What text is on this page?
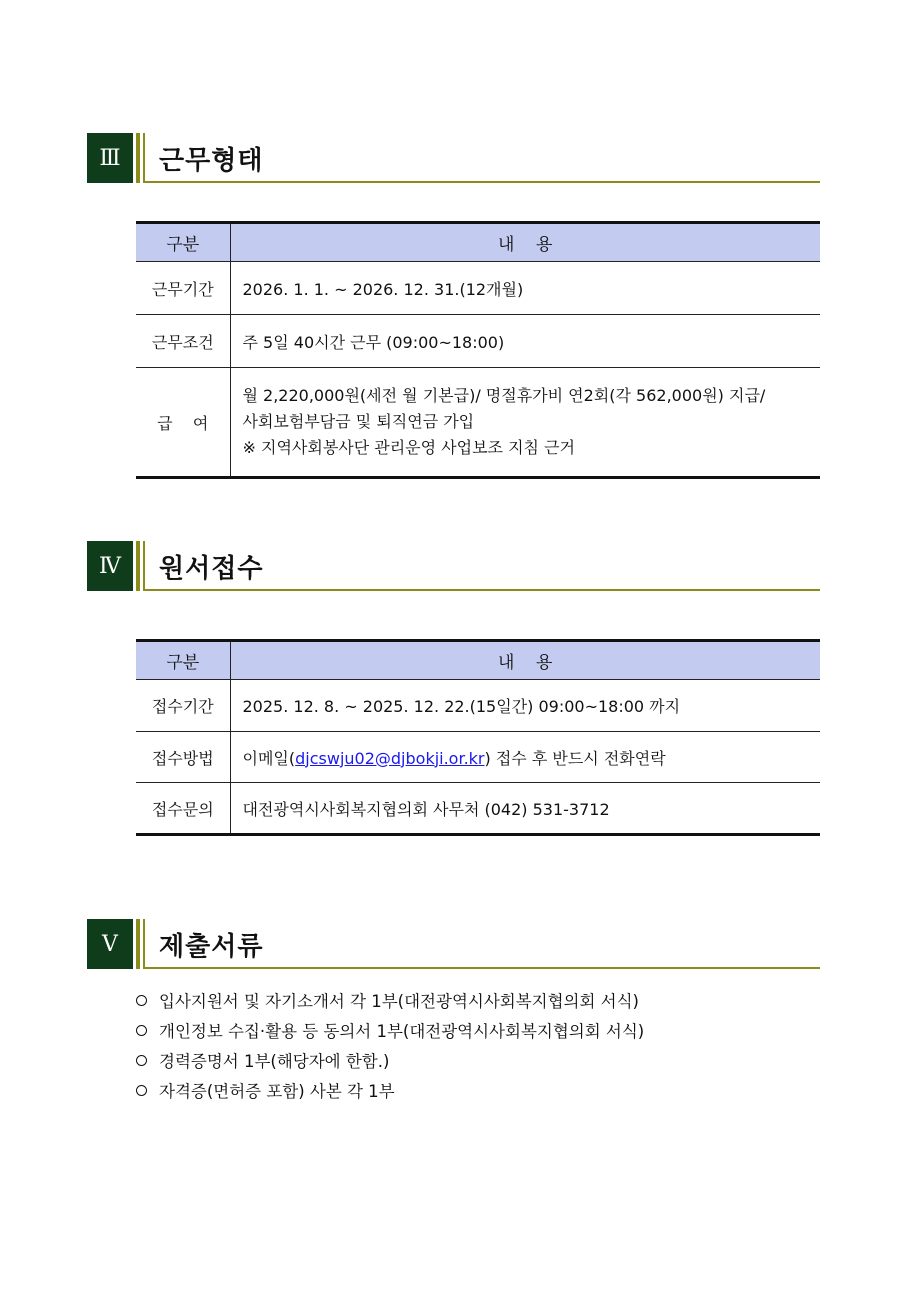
Ⅲ	근무형태
구분	내    용
근무기간	2026. 1. 1. ~ 2026. 12. 31.(12개월)
근무조건	주 5일 40시간 근무 (09:00~18:00)
급    여	월 2,220,000원(세전 월 기본급)/ 명절휴가비 연2회(각 562,000원) 지급/
사회보험부담금 및 퇴직연금 가입
※ 지역사회봉사단 관리운영 사업보조 지침 근거
Ⅳ	원서접수
구분	내    용
접수기간	2025. 12. 8. ~ 2025. 12. 22.(15일간) 09:00~18:00 까지
접수방법	이메일(djcswju02@djbokji.or.kr) 접수 후 반드시 전화연락
접수문의	대전광역시사회복지협의회 사무처 (042) 531-3712
Ⅴ	제출서류
입사지원서 및 자기소개서 각 1부(대전광역시사회복지협의회 서식)
개인정보 수집·활용 등 동의서 1부(대전광역시사회복지협의회 서식)
경력증명서 1부(해당자에 한함.)
자격증(면허증 포함) 사본 각 1부
